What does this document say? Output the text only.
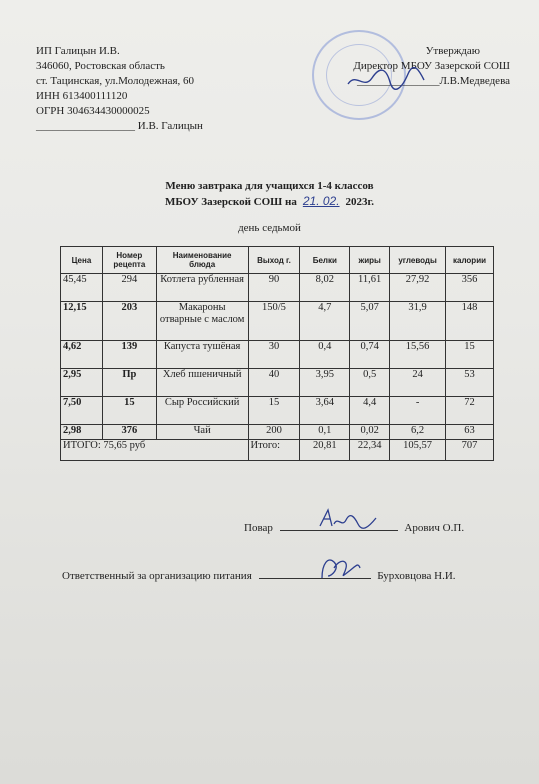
ИП Галицын И.В.
346060, Ростовская область
ст. Тацинская, ул.Молодежная, 60
ИНН 613400111120
ОГРН 304634430000025
__________________ И.В. Галицын
Утверждаю
Директор МБОУ Зазерской СОШ
_______________Л.В.Медведева
Меню завтрака для учащихся 1-4 классов
МБОУ Зазерской СОШ на 21. 02. 2023г.
день седьмой
Цена	Номер рецепта	Наименование блюда	Выход г.	Белки	жиры	углеводы	калории
45,45	294	Котлета рубленная	90	8,02	11,61	27,92	356
12,15	203	Макароны отварные с маслом	150/5	4,7	5,07	31,9	148
4,62	139	Капуста тушёная	30	0,4	0,74	15,56	15
2,95	Пр	Хлеб пшеничный	40	3,95	0,5	24	53
7,50	15	Сыр Российский	15	3,64	4,4	-	72
2,98	376	Чай	200	0,1	0,02	6,2	63
ИТОГО: 75,65 руб			Итого:	20,81	22,34	105,57	707
Повар	Арович О.П.
Ответственный за организацию питания	Бурховцова Н.И.
